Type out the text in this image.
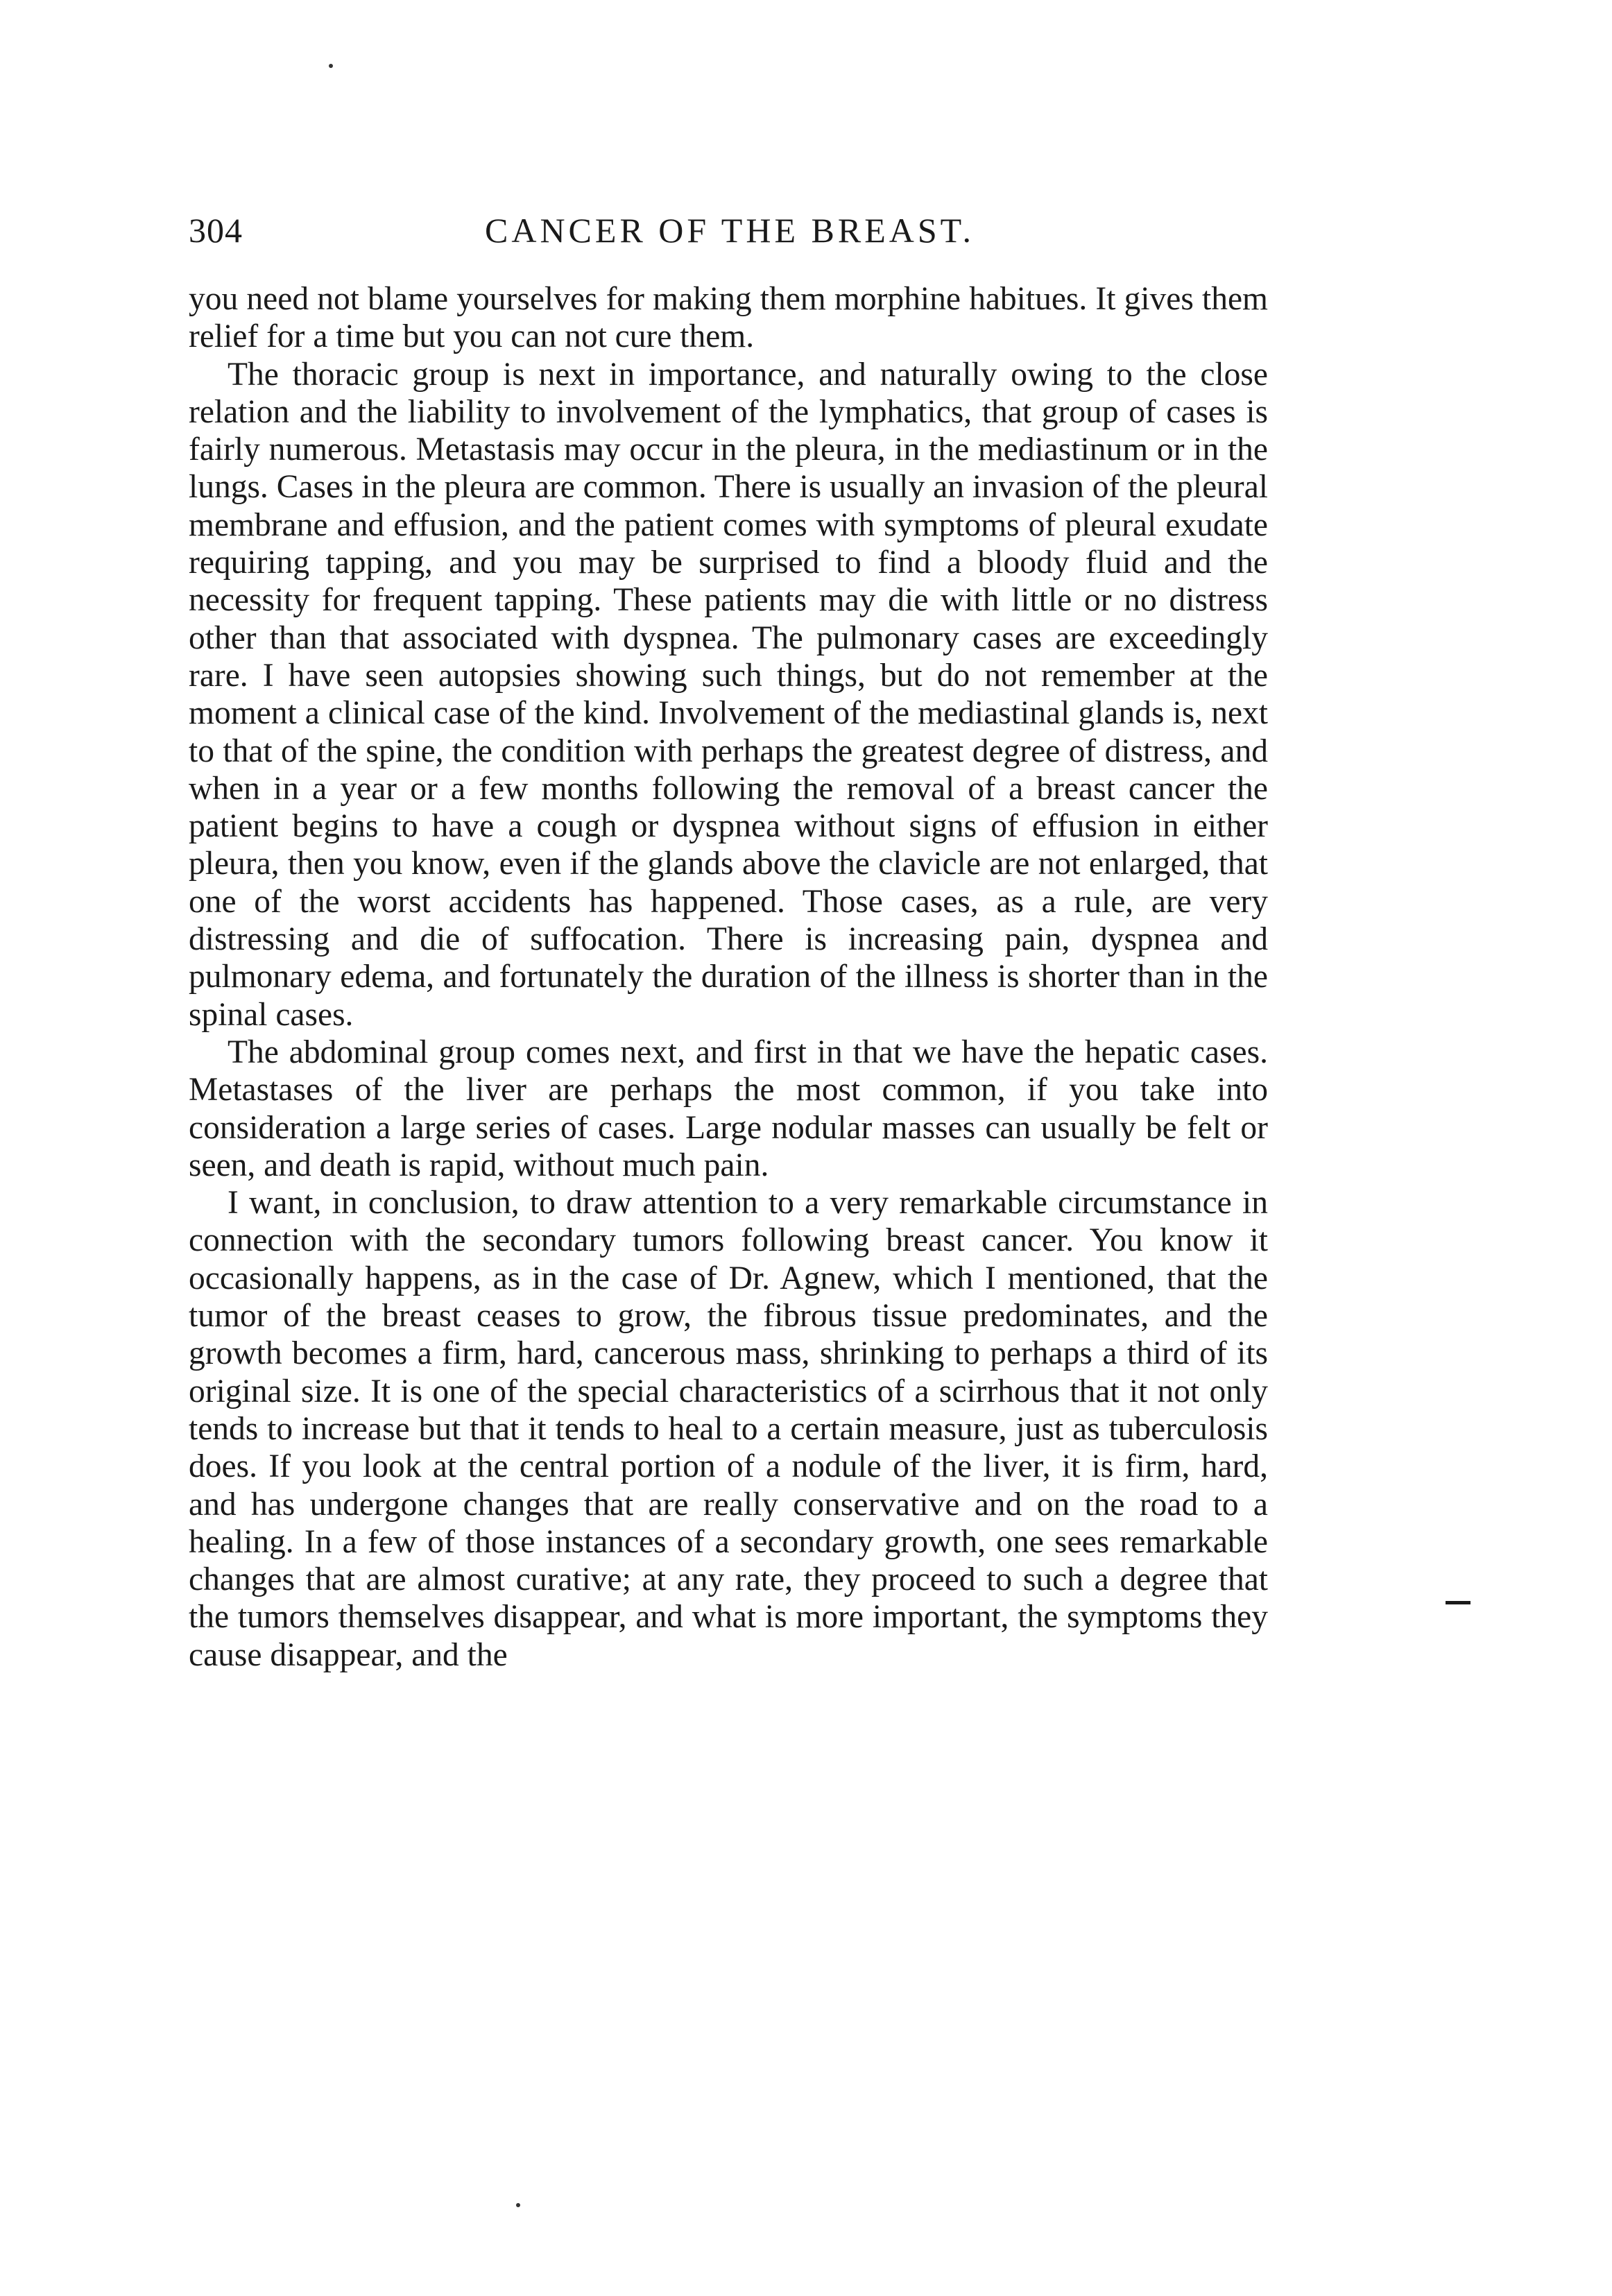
304	CANCER OF THE BREAST.

you need not blame yourselves for making them morphine habitues. It gives them relief for a time but you can not cure them.

The thoracic group is next in importance, and naturally owing to the close relation and the liability to involvement of the lymphatics, that group of cases is fairly numerous. Metastasis may occur in the pleura, in the mediastinum or in the lungs. Cases in the pleura are common. There is usually an invasion of the pleural membrane and effusion, and the patient comes with symptoms of pleural exudate requiring tapping, and you may be surprised to find a bloody fluid and the necessity for frequent tapping. These patients may die with little or no distress other than that associated with dyspnea. The pulmonary cases are exceedingly rare. I have seen autopsies showing such things, but do not remember at the moment a clinical case of the kind. Involvement of the mediastinal glands is, next to that of the spine, the condition with perhaps the greatest degree of distress, and when in a year or a few months following the removal of a breast cancer the patient begins to have a cough or dyspnea without signs of effusion in either pleura, then you know, even if the glands above the clavicle are not enlarged, that one of the worst accidents has happened. Those cases, as a rule, are very distressing and die of suffocation. There is increasing pain, dyspnea and pulmonary edema, and fortunately the duration of the illness is shorter than in the spinal cases.

The abdominal group comes next, and first in that we have the hepatic cases. Metastases of the liver are perhaps the most common, if you take into consideration a large series of cases. Large nodular masses can usually be felt or seen, and death is rapid, without much pain.

I want, in conclusion, to draw attention to a very remarkable circumstance in connection with the secondary tumors following breast cancer. You know it occasionally happens, as in the case of Dr. Agnew, which I mentioned, that the tumor of the breast ceases to grow, the fibrous tissue predominates, and the growth becomes a firm, hard, cancerous mass, shrinking to perhaps a third of its original size. It is one of the special characteristics of a scirrhous that it not only tends to increase but that it tends to heal to a certain measure, just as tuberculosis does. If you look at the central portion of a nodule of the liver, it is firm, hard, and has undergone changes that are really conservative and on the road to a healing. In a few of those instances of a secondary growth, one sees remarkable changes that are almost curative; at any rate, they proceed to such a degree that the tumors themselves disappear, and what is more important, the symptoms they cause disappear, and the
